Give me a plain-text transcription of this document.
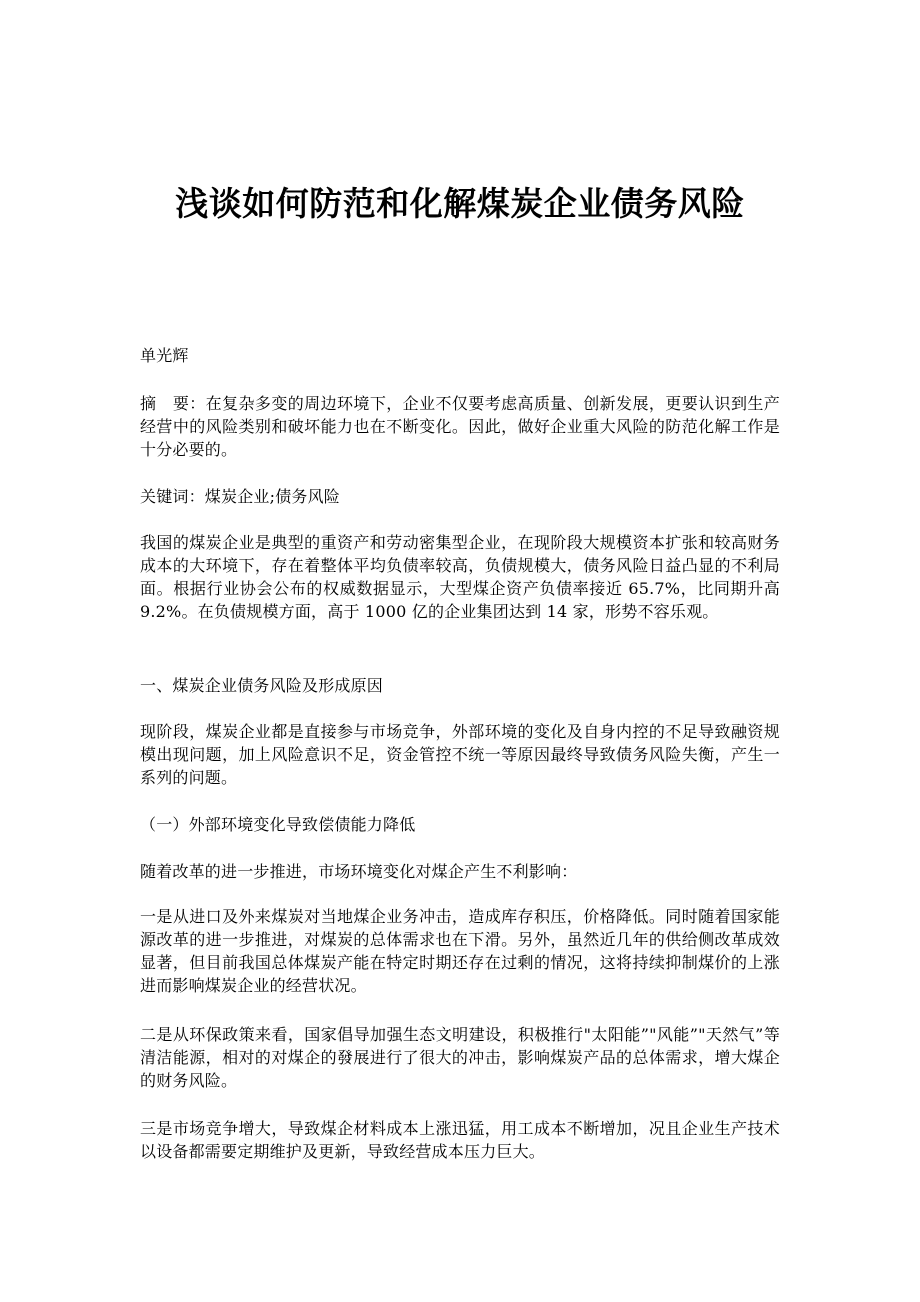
浅谈如何防范和化解煤炭企业债务风险

单光辉

摘　要：在复杂多变的周边环境下，企业不仅要考虑高质量、创新发展，更要认识到生产经营中的风险类别和破坏能力也在不断变化。因此，做好企业重大风险的防范化解工作是十分必要的。

关键词：煤炭企业;债务风险

我国的煤炭企业是典型的重资产和劳动密集型企业，在现阶段大规模资本扩张和较高财务成本的大环境下，存在着整体平均负债率较高，负债规模大，债务风险日益凸显的不利局面。根据行业协会公布的权威数据显示，大型煤企资产负债率接近 65.7%，比同期升高 9.2%。在负债规模方面，高于 1000 亿的企业集团达到 14 家，形势不容乐观。

一、煤炭企业债务风险及形成原因

现阶段，煤炭企业都是直接参与市场竞争，外部环境的变化及自身内控的不足导致融资规模出现问题，加上风险意识不足，资金管控不统一等原因最终导致债务风险失衡，产生一系列的问题。

（一）外部环境变化导致偿债能力降低

随着改革的进一步推进，市场环境变化对煤企产生不利影响：

一是从进口及外来煤炭对当地煤企业务冲击，造成库存积压，价格降低。同时随着国家能源改革的进一步推进，对煤炭的总体需求也在下滑。另外，虽然近几年的供给侧改革成效显著，但目前我国总体煤炭产能在特定时期还存在过剩的情况，这将持续抑制煤价的上涨进而影响煤炭企业的经营状况。

二是从环保政策来看，国家倡导加强生态文明建设，积极推行"太阳能”"风能”"天然气”等清洁能源，相对的对煤企的發展进行了很大的冲击，影响煤炭产品的总体需求，增大煤企的财务风险。

三是市场竞争增大，导致煤企材料成本上涨迅猛，用工成本不断增加，况且企业生产技术以设备都需要定期维护及更新，导致经营成本压力巨大。
